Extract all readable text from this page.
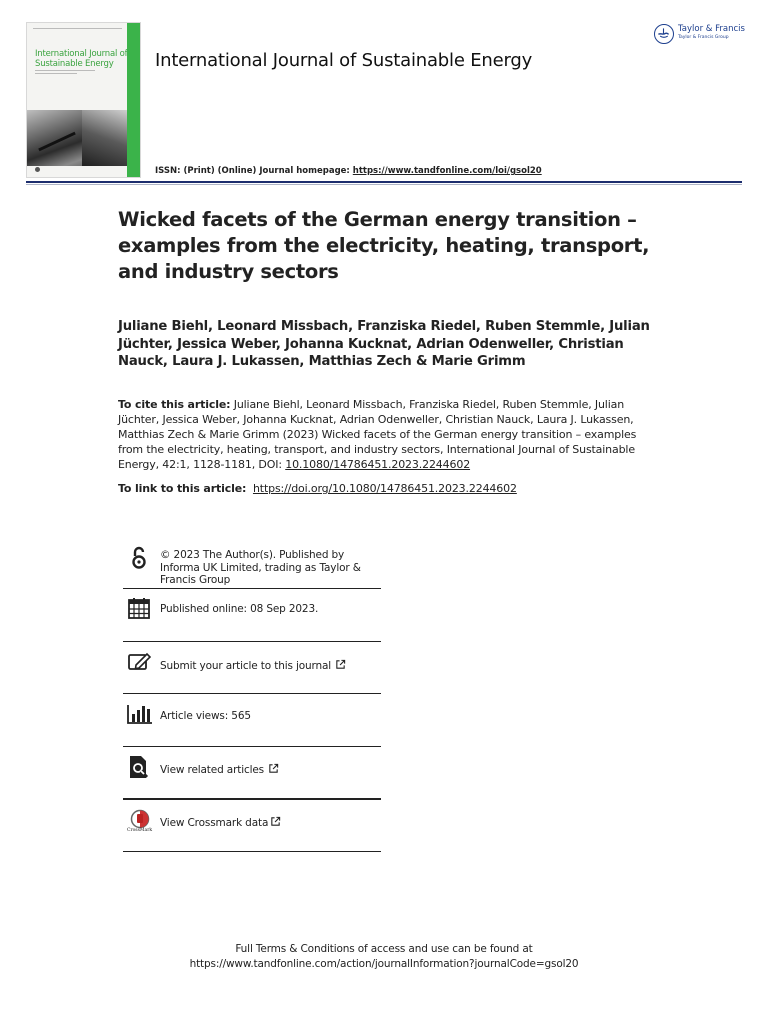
International Journal of Sustainable Energy	International Journal of Sustainable Energy
ISSN: (Print) (Online) Journal homepage: https://www.tandfonline.com/loi/gsol20
Taylor & Francis
Taylor & Francis Group
Wicked facets of the German energy transition – examples from the electricity, heating, transport, and industry sectors
Juliane Biehl, Leonard Missbach, Franziska Riedel, Ruben Stemmle, Julian Jüchter, Jessica Weber, Johanna Kucknat, Adrian Odenweller, Christian Nauck, Laura J. Lukassen, Matthias Zech & Marie Grimm
To cite this article: Juliane Biehl, Leonard Missbach, Franziska Riedel, Ruben Stemmle, Julian Jüchter, Jessica Weber, Johanna Kucknat, Adrian Odenweller, Christian Nauck, Laura J. Lukassen, Matthias Zech & Marie Grimm (2023) Wicked facets of the German energy transition – examples from the electricity, heating, transport, and industry sectors, International Journal of Sustainable Energy, 42:1, 1128-1181, DOI: 10.1080/14786451.2023.2244602
To link to this article: https://doi.org/10.1080/14786451.2023.2244602
© 2023 The Author(s). Published by Informa UK Limited, trading as Taylor & Francis Group
Published online: 08 Sep 2023.
Submit your article to this journal
Article views: 565
View related articles
CrossMark
View Crossmark data
Full Terms & Conditions of access and use can be found at
https://www.tandfonline.com/action/journalInformation?journalCode=gsol20
